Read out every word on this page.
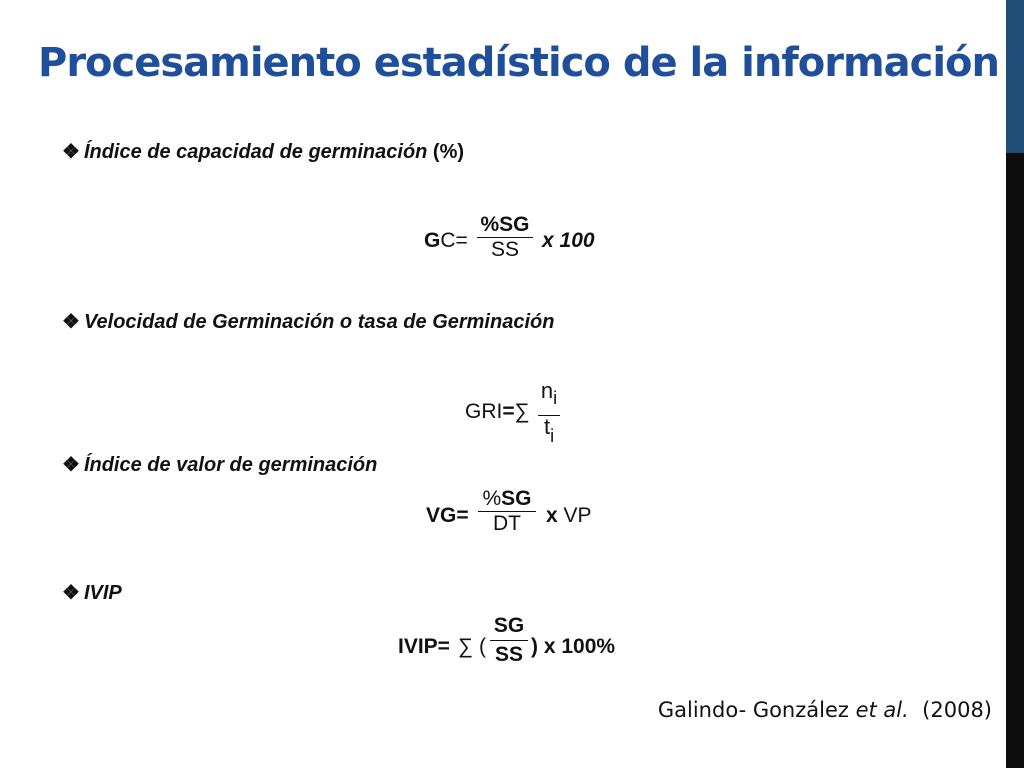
Procesamiento estadístico de la información
❖ Índice de capacidad de germinación (%)
GC=
%SG
SS	x 100
❖ Velocidad de Germinación o tasa de Germinación
GRI=∑
$n_i$
$t_i$
❖ Índice de valor de germinación
VG=
%SG
DT	x VP
❖ IVIP
IVIP= ∑ (
SG
SS ) x 100%
Galindo- González et al.  (2008)
